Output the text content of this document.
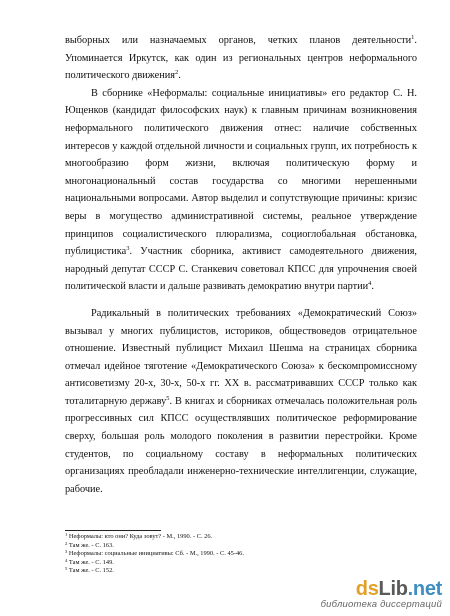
выборных или назначаемых органов, четких планов деятельности$^1$. Упоминается Иркутск, как один из региональных центров неформального политического движения$^2$.

В сборнике «Неформалы: социальные инициативы» его редактор С. Н. Ющенков (кандидат философских наук) к главным причинам возникновения неформального политического движения отнес: наличие собственных интересов у каждой отдельной личности и социальных групп, их потребность к многообразию форм жизни, включая политическую форму и многонациональный состав государства со многими нерешенными национальными вопросами. Автор выделил и сопутствующие причины: кризис веры в могущество административной системы, реальное утверждение принципов социалистического плюрализма, социоглобальная обстановка, публицистика$^3$. Участник сборника, активист самодеятельного движения, народный депутат СССР С. Станкевич советовал КПСС для упрочнения своей политической власти и дальше развивать демократию внутри партии$^4$.

Радикальный в политических требованиях «Демократический Союз» вызывал у многих публицистов, историков, обществоведов отрицательное отношение. Известный публицист Михаил Шешма на страницах сборника отмечал идейное тяготение «Демократического Союза» к бескомпромиссному антисоветизму 20-х, 30-х, 50-х гг. XX в. рассматривавших СССР только как тоталитарную державу$^5$. В книгах и сборниках отмечалась положительная роль прогрессивных сил КПСС осуществлявших политическое реформирование сверху, большая роль молодого поколения в развитии перестройки. Кроме студентов, по социальному составу в неформальных политических организациях преобладали инженерно-технические интеллигенции, служащие, рабочие.

$^1$ Неформалы: кто они? Куда зовут? - М., 1990. - С. 26.
$^2$ Там же. - С. 163.
$^3$ Неформалы: социальные инициативы: Сб. - М., 1990. - С. 45-46.
$^4$ Там же. - С. 149.
$^5$ Там же. - С. 152.
dsLib.net
библиотека диссертаций
